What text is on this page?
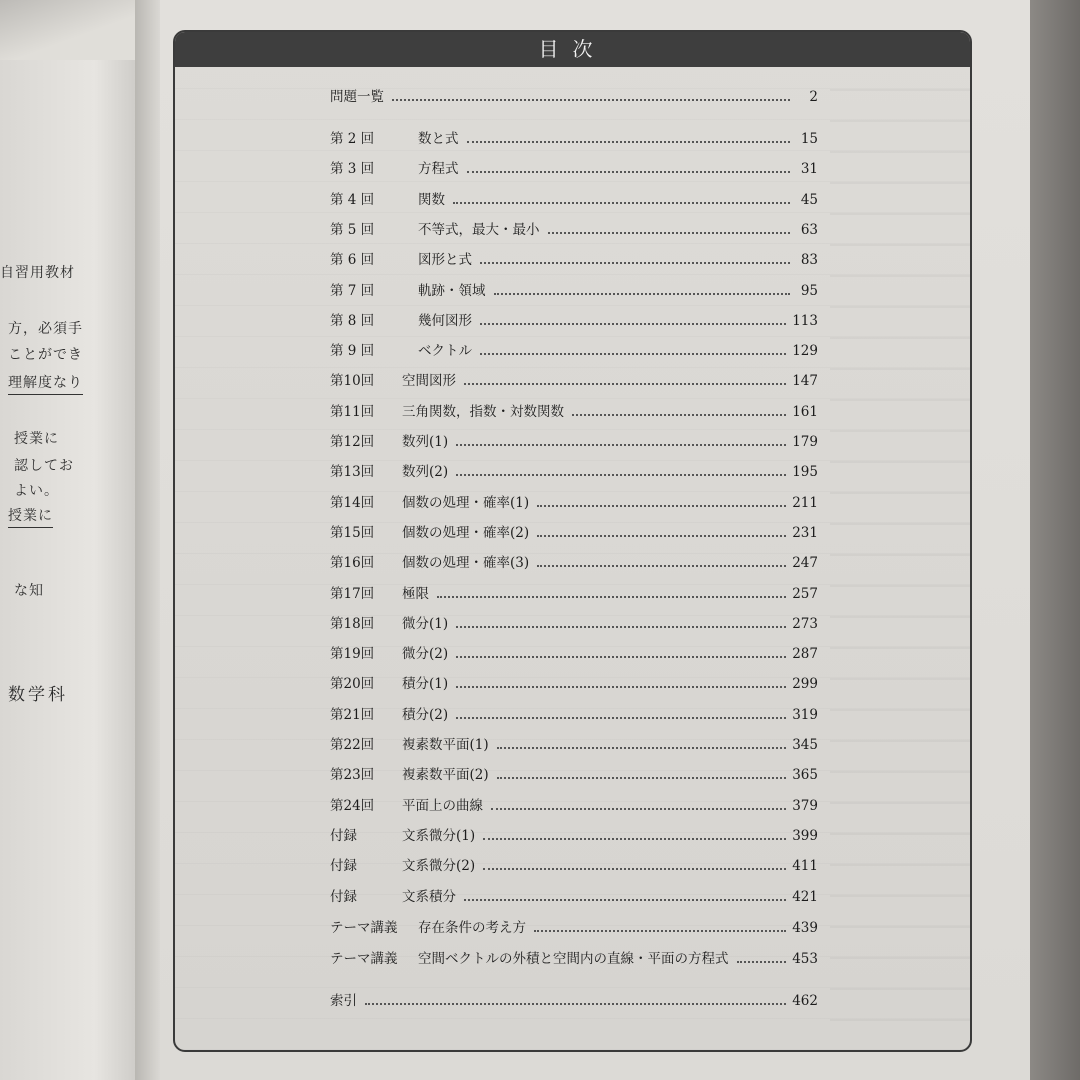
自習用教材
方，必須手
ことができ
理解度なり
授業に
認してお
よい。
授業に
な知
数学科
目次
問題一覧	2
第 2 回	数と式	15
第 3 回	方程式	31
第 4 回	関数	45
第 5 回	不等式，最大・最小	63
第 6 回	図形と式	83
第 7 回	軌跡・領域	95
第 8 回	幾何図形	113
第 9 回	ベクトル	129
第10回	空間図形	147
第11回	三角関数，指数・対数関数	161
第12回	数列(1)	179
第13回	数列(2)	195
第14回	個数の処理・確率(1)	211
第15回	個数の処理・確率(2)	231
第16回	個数の処理・確率(3)	247
第17回	極限	257
第18回	微分(1)	273
第19回	微分(2)	287
第20回	積分(1)	299
第21回	積分(2)	319
第22回	複素数平面(1)	345
第23回	複素数平面(2)	365
第24回	平面上の曲線	379
付録	文系微分(1)	399
付録	文系微分(2)	411
付録	文系積分	421
テーマ講義	存在条件の考え方	439
テーマ講義	空間ベクトルの外積と空間内の直線・平面の方程式	453
索引	462
